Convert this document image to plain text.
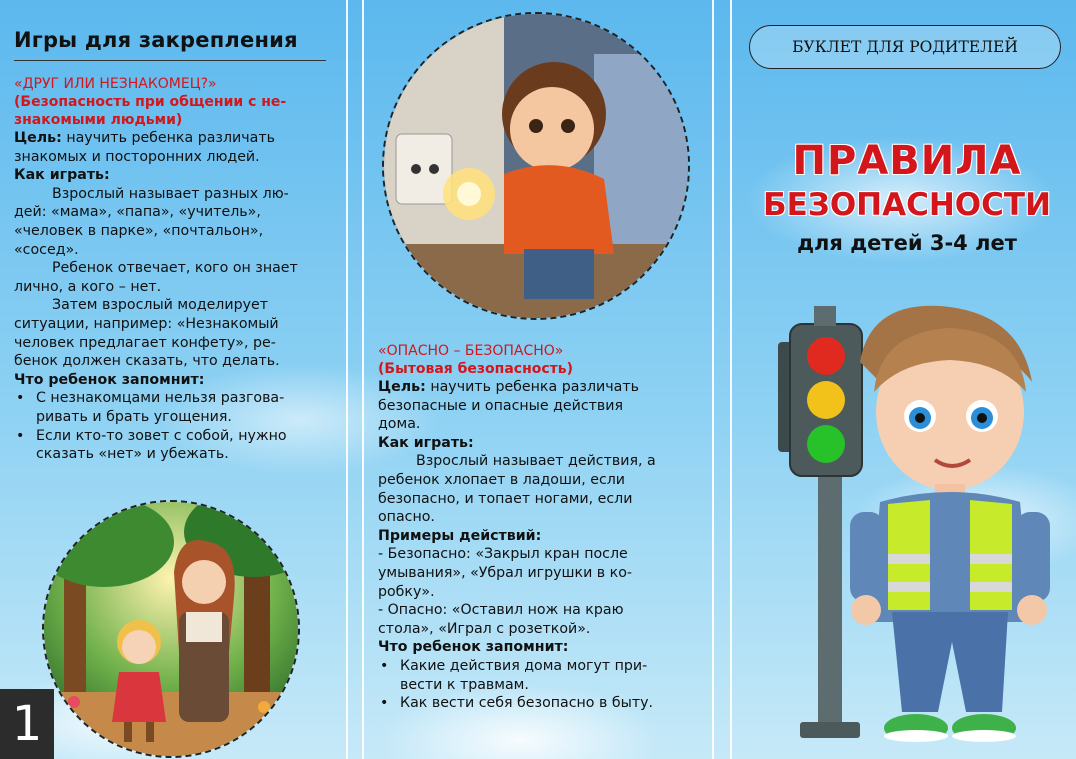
Игры для закрепления
«ДРУГ ИЛИ НЕЗНАКОМЕЦ?»
(Безопасность при общении с не-
знакомыми людьми)
Цель: научить ребенка различать
знакомых и посторонних людей.
Как играть:
Взрослый называет разных лю-
дей: «мама», «папа», «учитель»,
«человек в парке», «почтальон»,
«сосед».
Ребенок отвечает, кого он знает
лично, а кого – нет.
Затем взрослый моделирует
ситуации, например: «Незнакомый
человек предлагает конфету», ре-
бенок должен сказать, что делать.
Что ребенок запомнит:
• С незнакомцами нельзя разгова-
ривать и брать угощения.
• Если кто-то зовет с собой, нужно
сказать «нет» и убежать.
1
«ОПАСНО – БЕЗОПАСНО»
(Бытовая безопасность)
Цель: научить ребенка различать
безопасные и опасные действия
дома.
Как играть:
Взрослый называет действия, а
ребенок хлопает в ладоши, если
безопасно, и топает ногами, если
опасно.
Примеры действий:
- Безопасно: «Закрыл кран после
умывания», «Убрал игрушки в ко-
робку».
- Опасно: «Оставил нож на краю
стола», «Играл с розеткой».
Что ребенок запомнит:
• Какие действия дома могут при-
вести к травмам.
• Как вести себя безопасно в быту.
БУКЛЕТ ДЛЯ РОДИТЕЛЕЙ
ПРАВИЛА
БЕЗОПАСНОСТИ
для детей 3-4 лет
